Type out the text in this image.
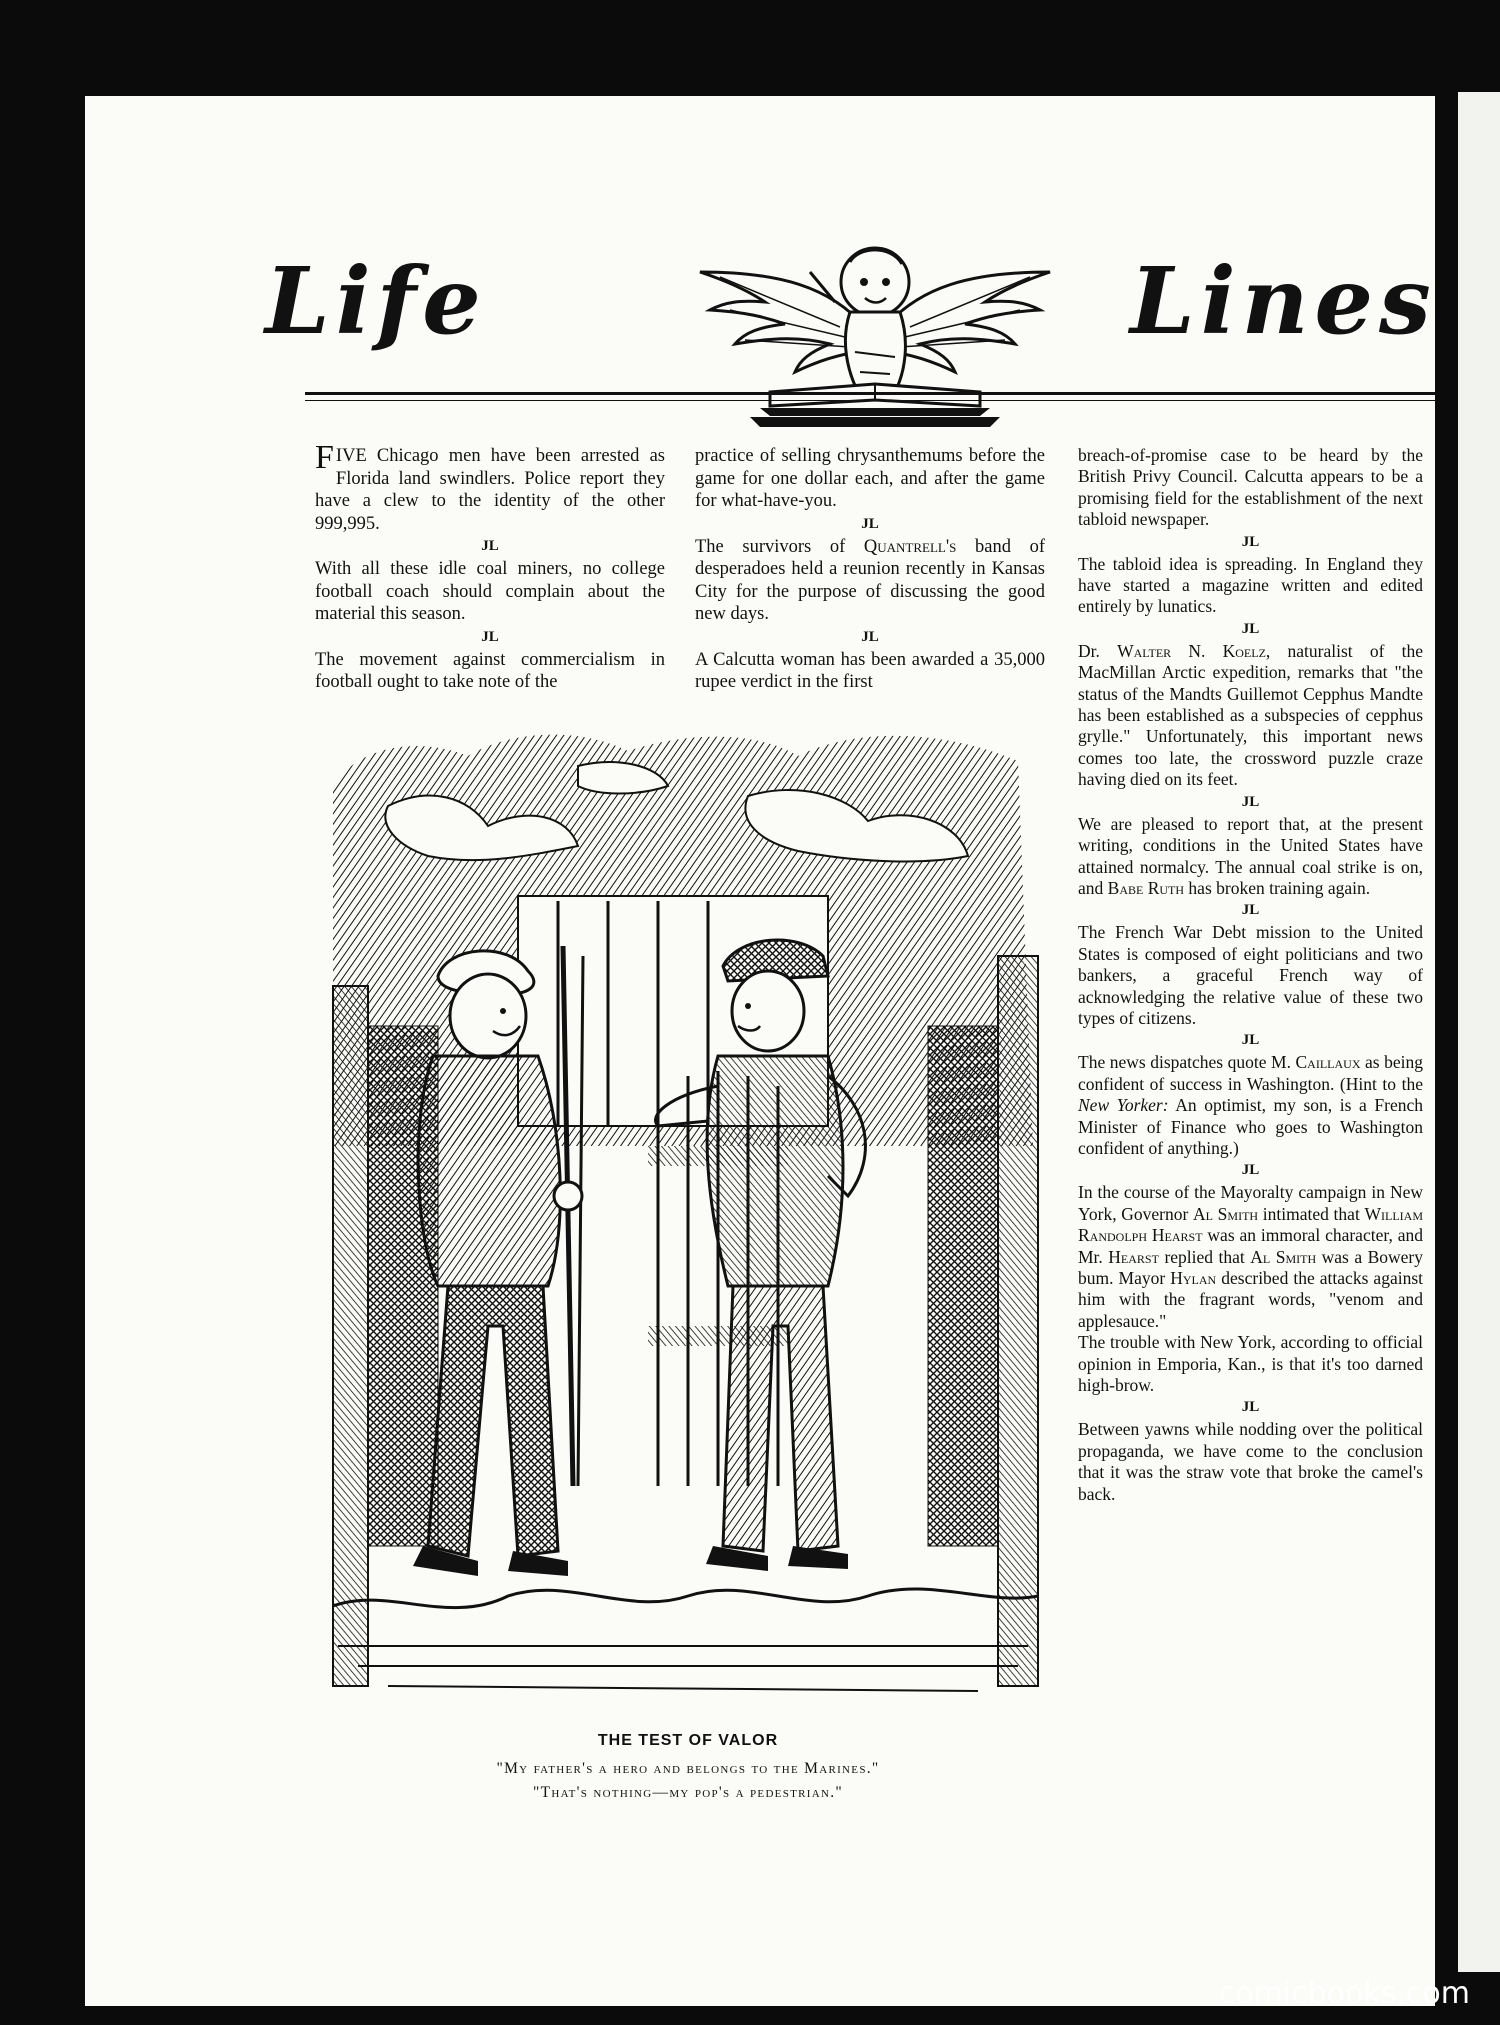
Life	Lines

FIVE Chicago men have been arrested as Florida land swindlers. Police report they have a clew to the identity of the other 999,995.

JL

With all these idle coal miners, no college football coach should complain about the material this season.

JL

The movement against commercialism in football ought to take note of the

practice of selling chrysanthemums before the game for one dollar each, and after the game for what-have-you.

JL

The survivors of Quantrell's band of desperadoes held a reunion recently in Kansas City for the purpose of discussing the good new days.

JL

A Calcutta woman has been awarded a 35,000 rupee verdict in the first

breach-of-promise case to be heard by the British Privy Council. Calcutta appears to be a promising field for the establishment of the next tabloid newspaper.

JL

The tabloid idea is spreading. In England they have started a magazine written and edited entirely by lunatics.

JL

Dr. Walter N. Koelz, naturalist of the MacMillan Arctic expedition, remarks that "the status of the Mandts Guillemot Cepphus Mandte has been established as a subspecies of cepphus grylle." Unfortunately, this important news comes too late, the crossword puzzle craze having died on its feet.

JL

We are pleased to report that, at the present writing, conditions in the United States have attained normalcy. The annual coal strike is on, and Babe Ruth has broken training again.

JL

The French War Debt mission to the United States is composed of eight politicians and two bankers, a graceful French way of acknowledging the relative value of these two types of citizens.

JL

The news dispatches quote M. Caillaux as being confident of success in Washington. (Hint to the New Yorker: An optimist, my son, is a French Minister of Finance who goes to Washington confident of anything.)

JL

In the course of the Mayoralty campaign in New York, Governor Al Smith intimated that William Randolph Hearst was an immoral character, and Mr. Hearst replied that Al Smith was a Bowery bum. Mayor Hylan described the attacks against him with the fragrant words, "venom and applesauce."

The trouble with New York, according to official opinion in Emporia, Kan., is that it's too darned high-brow.

JL

Between yawns while nodding over the political propaganda, we have come to the conclusion that it was the straw vote that broke the camel's back.

THE TEST OF VALOR
"My father's a hero and belongs to the Marines."
"That's nothing—my pop's a pedestrian."
comicbooks.com
